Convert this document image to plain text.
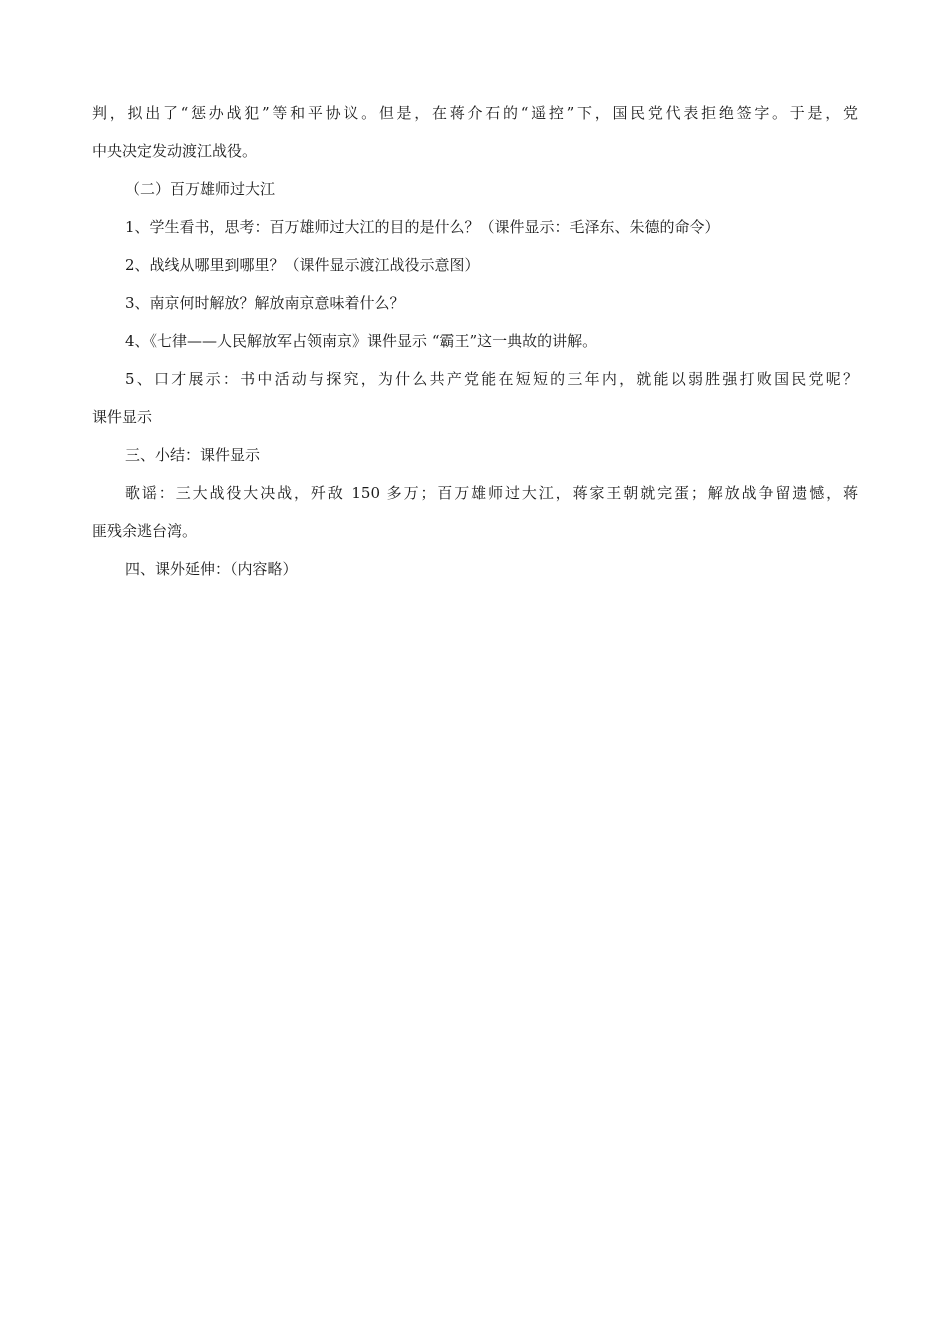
判，拟出了“惩办战犯”等和平协议。但是，在蒋介石的“遥控”下，国民党代表拒绝签字。于是，党
中央决定发动渡江战役。
（二）百万雄师过大江
1、学生看书，思考：百万雄师过大江的目的是什么？（课件显示：毛泽东、朱德的命令）
2、战线从哪里到哪里？（课件显示渡江战役示意图）
3、南京何时解放？解放南京意味着什么？
4、《七律——人民解放军占领南京》课件显示 “霸王”这一典故的讲解。
5、口才展示：书中活动与探究，为什么共产党能在短短的三年内，就能以弱胜强打败国民党呢？
课件显示
三、小结：课件显示
歌谣：三大战役大决战，歼敌 150 多万；百万雄师过大江，蒋家王朝就完蛋；解放战争留遗憾，蒋
匪残余逃台湾。
四、课外延伸：（内容略）
